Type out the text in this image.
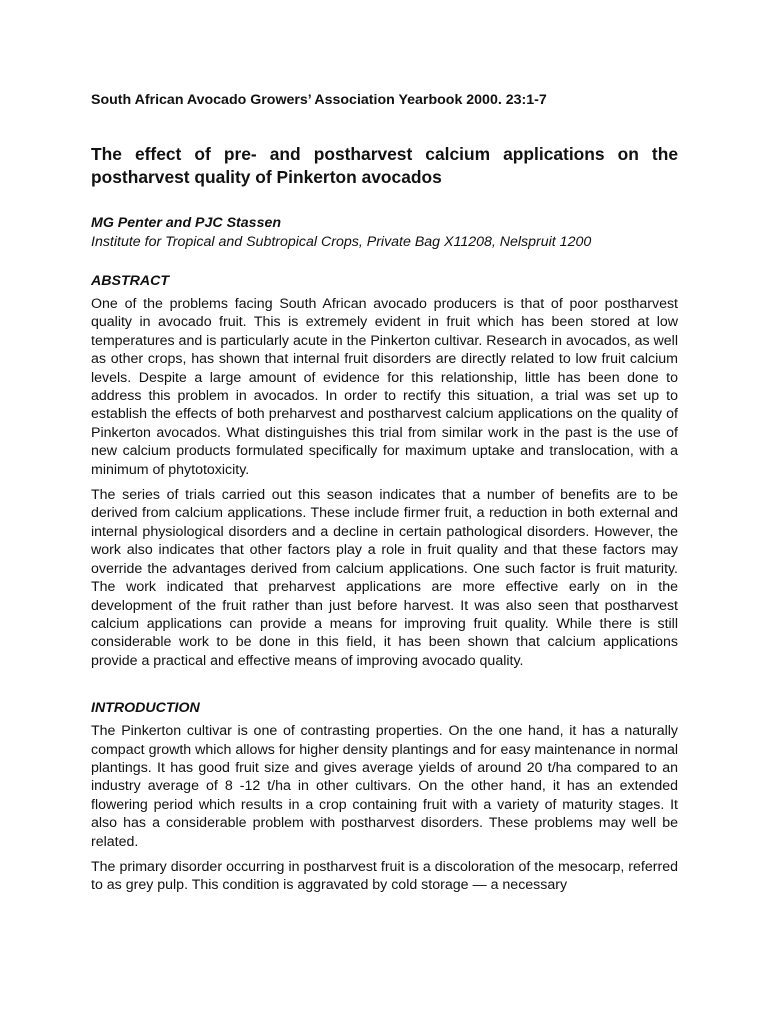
South African Avocado Growers’ Association Yearbook 2000. 23:1-7

The effect of pre- and postharvest calcium applications on the postharvest quality of Pinkerton avocados

MG Penter and PJC Stassen

Institute for Tropical and Subtropical Crops, Private Bag X11208, Nelspruit 1200

ABSTRACT

One of the problems facing South African avocado producers is that of poor postharvest quality in avocado fruit. This is extremely evident in fruit which has been stored at low temperatures and is particularly acute in the Pinkerton cultivar. Research in avocados, as well as other crops, has shown that internal fruit disorders are directly related to low fruit calcium levels. Despite a large amount of evidence for this relationship, little has been done to address this problem in avocados. In order to rectify this situation, a trial was set up to establish the effects of both preharvest and postharvest calcium applications on the quality of Pinkerton avocados. What distinguishes this trial from similar work in the past is the use of new calcium products formulated specifically for maximum uptake and translocation, with a minimum of phytotoxicity.

The series of trials carried out this season indicates that a number of benefits are to be derived from calcium applications. These include firmer fruit, a reduction in both external and internal physiological disorders and a decline in certain pathological disorders. However, the work also indicates that other factors play a role in fruit quality and that these factors may override the advantages derived from calcium applications. One such factor is fruit maturity. The work indicated that preharvest applications are more effective early on in the development of the fruit rather than just before harvest. It was also seen that postharvest calcium applications can provide a means for improving fruit quality. While there is still considerable work to be done in this field, it has been shown that calcium applications provide a practical and effective means of improving avocado quality.

INTRODUCTION

The Pinkerton cultivar is one of contrasting properties. On the one hand, it has a naturally compact growth which allows for higher density plantings and for easy maintenance in normal plantings. It has good fruit size and gives average yields of around 20 t/ha compared to an industry average of 8 -12 t/ha in other cultivars. On the other hand, it has an extended flowering period which results in a crop containing fruit with a variety of maturity stages. It also has a considerable problem with postharvest disorders. These problems may well be related.

The primary disorder occurring in postharvest fruit is a discoloration of the mesocarp, referred to as grey pulp. This condition is aggravated by cold storage — a necessary
